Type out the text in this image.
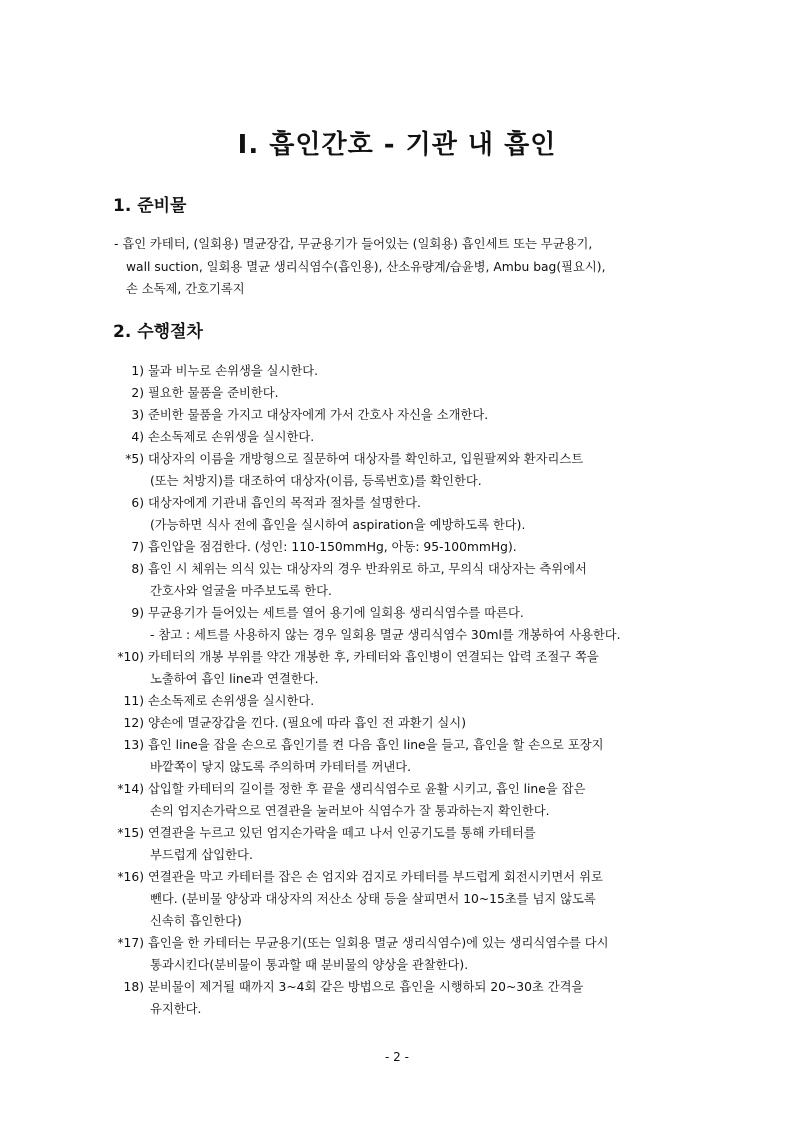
I. 흡인간호 - 기관 내 흡인
1. 준비물
- 흡인 카테터, (일회용) 멸균장갑, 무균용기가 들어있는 (일회용) 흡인세트 또는 무균용기,
wall suction, 일회용 멸균 생리식염수(흡인용), 산소유량계/습윤병, Ambu bag(필요시),
손 소독제, 간호기록지
2. 수행절차
1) 물과 비누로 손위생을 실시한다.
2) 필요한 물품을 준비한다.
3) 준비한 물품을 가지고 대상자에게 가서 간호사 자신을 소개한다.
4) 손소독제로 손위생을 실시한다.
*5) 대상자의 이름을 개방형으로 질문하여 대상자를 확인하고, 입원팔찌와 환자리스트
(또는 처방지)를 대조하여 대상자(이름, 등록번호)를 확인한다.
6) 대상자에게 기관내 흡인의 목적과 절차를 설명한다.
(가능하면 식사 전에 흡인을 실시하여 aspiration을 예방하도록 한다).
7) 흡인압을 점검한다. (성인: 110-150mmHg, 아동: 95-100mmHg).
8) 흡인 시 체위는 의식 있는 대상자의 경우 반좌위로 하고, 무의식 대상자는 측위에서
간호사와 얼굴을 마주보도록 한다.
9) 무균용기가 들어있는 세트를 열어 용기에 일회용 생리식염수를 따른다.
- 참고 : 세트를 사용하지 않는 경우 일회용 멸균 생리식염수 30ml를 개봉하여 사용한다.
*10) 카테터의 개봉 부위를 약간 개봉한 후, 카테터와 흡인병이 연결되는 압력 조절구 쪽을
노출하여 흡인 line과 연결한다.
11) 손소독제로 손위생을 실시한다.
12) 양손에 멸균장갑을 낀다. (필요에 따라 흡인 전 과환기 실시)
13) 흡인 line을 잡을 손으로 흡인기를 켠 다음 흡인 line을 들고, 흡인을 할 손으로 포장지
바깥쪽이 닿지 않도록 주의하며 카테터를 꺼낸다.
*14) 삽입할 카테터의 길이를 정한 후 끝을 생리식염수로 윤활 시키고, 흡인 line을 잡은
손의 엄지손가락으로 연결관을 눌러보아 식염수가 잘 통과하는지 확인한다.
*15) 연결관을 누르고 있던 엄지손가락을 떼고 나서 인공기도를 통해 카테터를
부드럽게 삽입한다.
*16) 연결관을 막고 카테터를 잡은 손 엄지와 검지로 카테터를 부드럽게 회전시키면서 위로
뺀다. (분비물 양상과 대상자의 저산소 상태 등을 살피면서 10~15초를 넘지 않도록
신속히 흡인한다)
*17) 흡인을 한 카테터는 무균용기(또는 일회용 멸균 생리식염수)에 있는 생리식염수를 다시
통과시킨다(분비물이 통과할 때 분비물의 양상을 관찰한다).
18) 분비물이 제거될 때까지 3~4회 같은 방법으로 흡인을 시행하되 20~30초 간격을
유지한다.
- 2 -
